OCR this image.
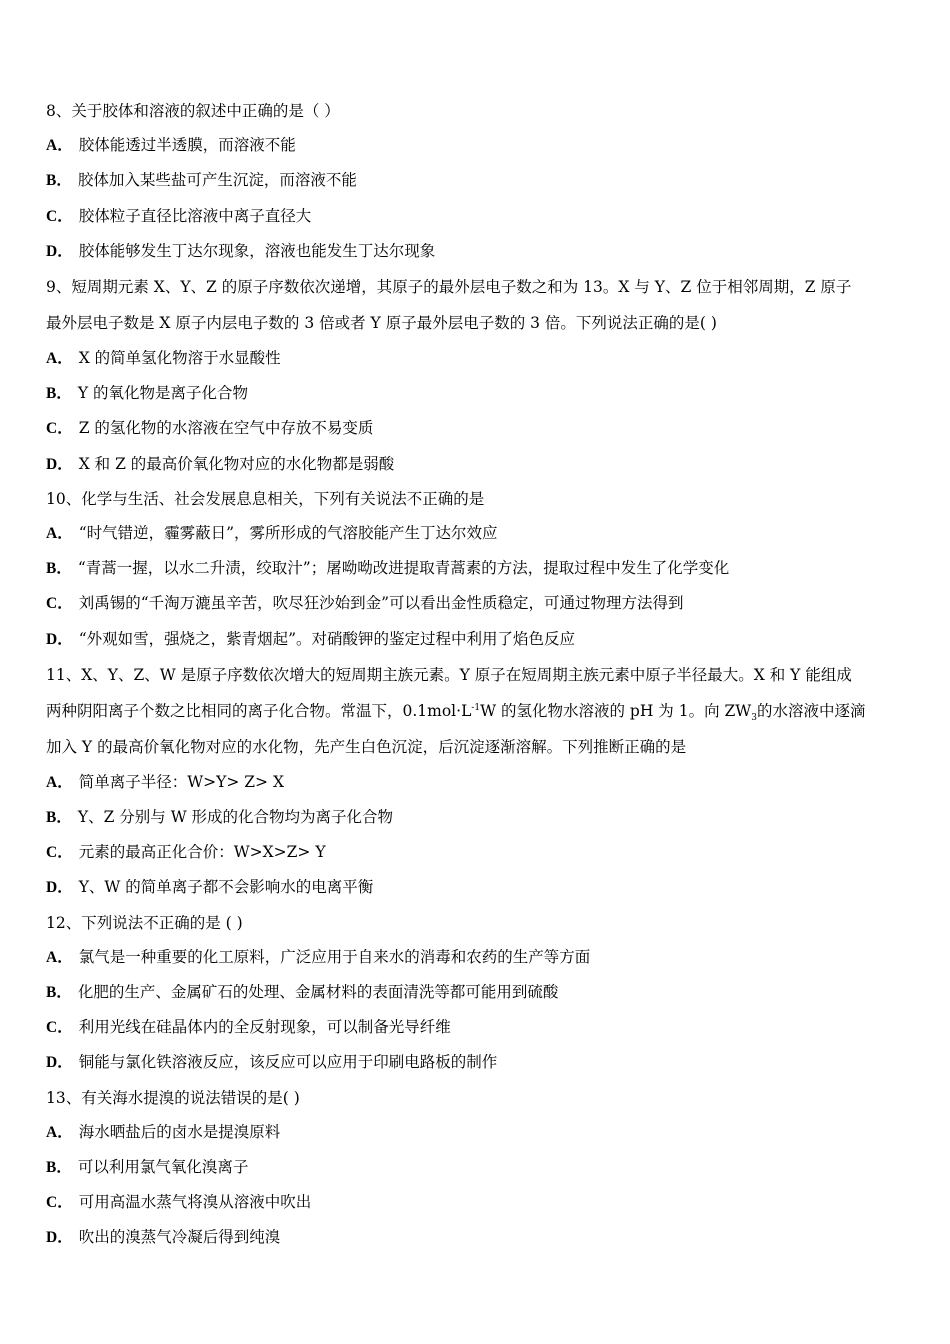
8、关于胶体和溶液的叙述中正确的是（ ）
A． 胶体能透过半透膜，而溶液不能
B． 胶体加入某些盐可产生沉淀，而溶液不能
C． 胶体粒子直径比溶液中离子直径大
D． 胶体能够发生丁达尔现象，溶液也能发生丁达尔现象
9、短周期元素 X、Y、Z 的原子序数依次递增，其原子的最外层电子数之和为 13。X 与 Y、Z 位于相邻周期，Z 原子
最外层电子数是 X 原子内层电子数的 3 倍或者 Y 原子最外层电子数的 3 倍。下列说法正确的是( )
A． X 的简单氢化物溶于水显酸性
B． Y 的氧化物是离子化合物
C． Z 的氢化物的水溶液在空气中存放不易变质
D． X 和 Z 的最高价氧化物对应的水化物都是弱酸
10、化学与生活、社会发展息息相关，下列有关说法不正确的是
A． “时气错逆，霾雾蔽日”，雾所形成的气溶胶能产生丁达尔效应
B． “青蒿一握，以水二升渍，绞取汁”；屠呦呦改进提取青蒿素的方法，提取过程中发生了化学变化
C． 刘禹锡的“千淘万漉虽辛苦，吹尽狂沙始到金”可以看出金性质稳定，可通过物理方法得到
D． “外观如雪，强烧之，紫青烟起”。对硝酸钾的鉴定过程中利用了焰色反应
11、X、Y、Z、W 是原子序数依次增大的短周期主族元素。Y 原子在短周期主族元素中原子半径最大。X 和 Y 能组成
两种阴阳离子个数之比相同的离子化合物。常温下，$0.1mol\cdot L^{-1}W$ 的氢化物水溶液的 pH 为 1。向 $ZW_3$的水溶液中逐滴
加入 Y 的最高价氧化物对应的水化物，先产生白色沉淀，后沉淀逐渐溶解。下列推断正确的是
A． 简单离子半径：W>Y> Z> X
B． Y、Z 分别与 W 形成的化合物均为离子化合物
C． 元素的最高正化合价：W>X>Z> Y
D． Y、W 的简单离子都不会影响水的电离平衡
12、下列说法不正确的是 ( )
A． 氯气是一种重要的化工原料，广泛应用于自来水的消毒和农药的生产等方面
B． 化肥的生产、金属矿石的处理、金属材料的表面清洗等都可能用到硫酸
C． 利用光线在硅晶体内的全反射现象，可以制备光导纤维
D． 铜能与氯化铁溶液反应，该反应可以应用于印刷电路板的制作
13、有关海水提溴的说法错误的是( )
A． 海水晒盐后的卤水是提溴原料
B． 可以利用氯气氧化溴离子
C． 可用高温水蒸气将溴从溶液中吹出
D． 吹出的溴蒸气冷凝后得到纯溴
